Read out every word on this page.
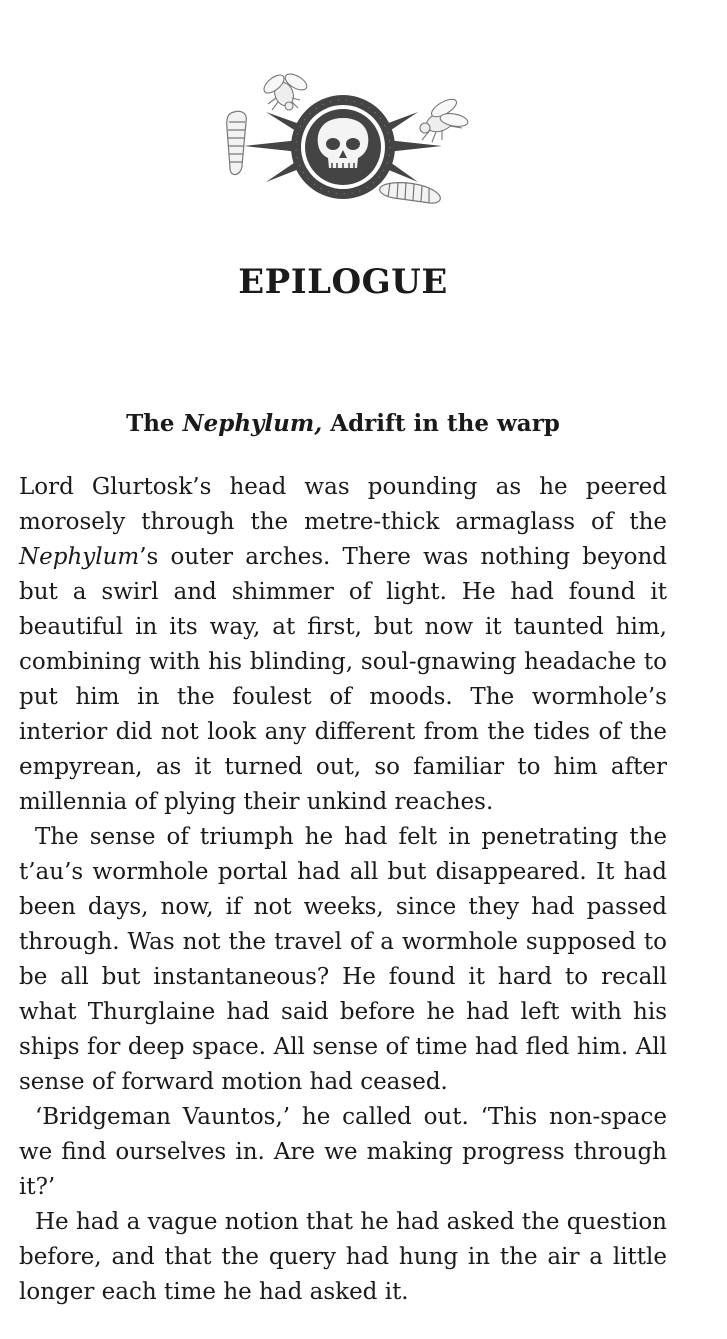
EPILOGUE
The Nephylum, Adrift in the warp

Lord Glurtosk’s head was pounding as he peered morosely through the metre-thick armaglass of the Nephylum’s outer arches. There was nothing beyond but a swirl and shimmer of light. He had found it beautiful in its way, at first, but now it taunted him, combining with his blinding, soul-gnawing headache to put him in the foulest of moods. The wormhole’s interior did not look any different from the tides of the empyrean, as it turned out, so familiar to him after millennia of plying their unkind reaches.

The sense of triumph he had felt in penetrating the t’au’s wormhole portal had all but disappeared. It had been days, now, if not weeks, since they had passed through. Was not the travel of a wormhole supposed to be all but instantaneous? He found it hard to recall what Thurglaine had said before he had left with his ships for deep space. All sense of time had fled him. All sense of forward motion had ceased.

‘Bridgeman Vauntos,’ he called out. ‘This non-space we find ourselves in. Are we making progress through it?’

He had a vague notion that he had asked the question before, and that the query had hung in the air a little longer each time he had asked it.
